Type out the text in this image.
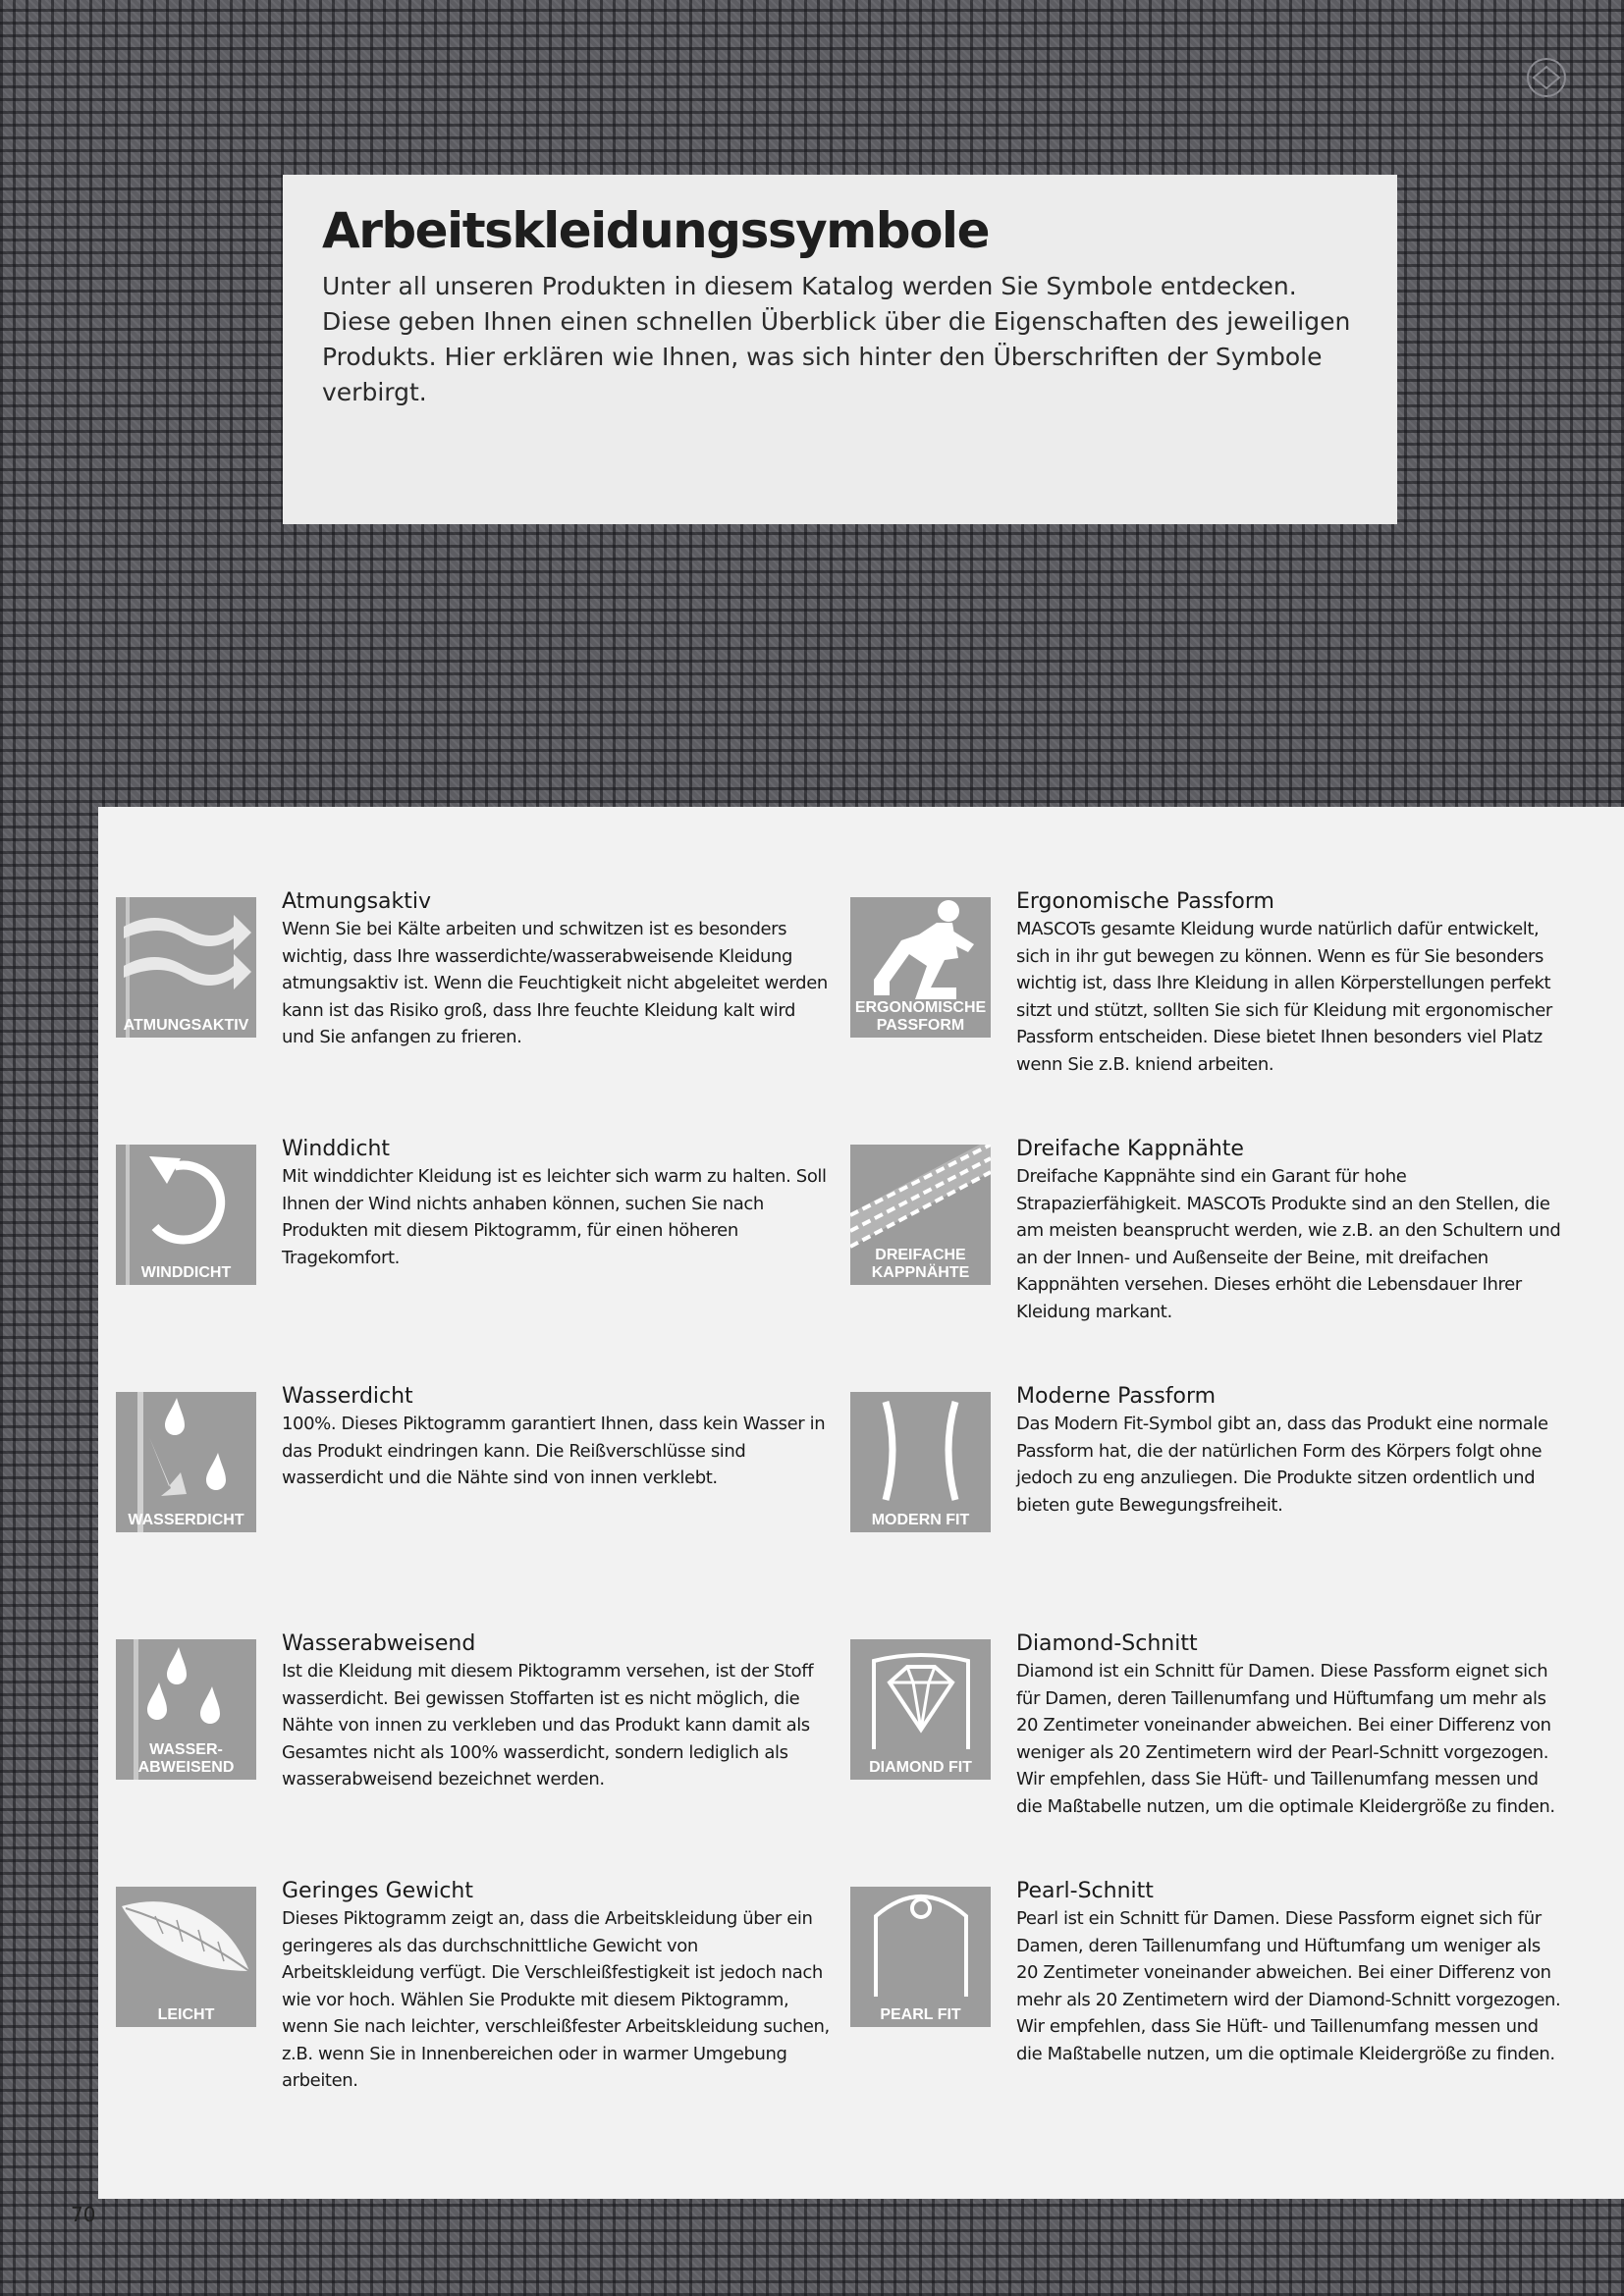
Arbeitskleidungssymbole

Unter all unseren Produkten in diesem Katalog werden Sie Symbole entdecken. Diese geben Ihnen einen schnellen Überblick über die Eigenschaften des jeweiligen Produkts. Hier erklären wie Ihnen, was sich hinter den Überschriften der Symbole verbirgt.

ATMUNGSAKTIV
Atmungsaktiv

Wenn Sie bei Kälte arbeiten und schwitzen ist es besonders wichtig, dass Ihre wasserdichte/wasserabweisende Kleidung atmungsaktiv ist. Wenn die Feuchtigkeit nicht abgeleitet werden kann ist das Risiko groß, dass Ihre feuchte Kleidung kalt wird und Sie anfangen zu frieren.

ERGONOMISCHE
PASSFORM
Ergonomische Passform

MASCOTs gesamte Kleidung wurde natürlich dafür entwickelt, sich in ihr gut bewegen zu können. Wenn es für Sie besonders wichtig ist, dass Ihre Kleidung in allen Körperstellungen perfekt sitzt und stützt, sollten Sie sich für Kleidung mit ergonomischer Passform entscheiden. Diese bietet Ihnen besonders viel Platz wenn Sie z.B. kniend arbeiten.

WINDDICHT
Winddicht

Mit winddichter Kleidung ist es leichter sich warm zu halten. Soll Ihnen der Wind nichts anhaben können, suchen Sie nach Produkten mit diesem Piktogramm, für einen höheren Tragekomfort.	DREIFACHE
KAPPNÄHTE
Dreifache Kappnähte

Dreifache Kappnähte sind ein Garant für hohe Strapazierfähigkeit. MASCOTs Produkte sind an den Stellen, die am meisten beansprucht werden, wie z.B. an den Schultern und an der Innen- und Außenseite der Beine, mit dreifachen Kappnähten versehen. Dieses erhöht die Lebensdauer Ihrer Kleidung markant.

WASSERDICHT
Wasserdicht

100%. Dieses Piktogramm garantiert Ihnen, dass kein Wasser in das Produkt eindringen kann. Die Reißverschlüsse sind wasserdicht und die Nähte sind von innen verklebt.

MODERN FIT
Moderne Passform

Das Modern Fit-Symbol gibt an, dass das Produkt eine normale Passform hat, die der natürlichen Form des Körpers folgt ohne jedoch zu eng anzuliegen. Die Produkte sitzen ordentlich und bieten gute Bewegungsfreiheit.

WASSER-
ABWEISEND
Wasserabweisend

Ist die Kleidung mit diesem Piktogramm versehen, ist der Stoff wasserdicht. Bei gewissen Stoffarten ist es nicht möglich, die Nähte von innen zu verkleben und das Produkt kann damit als Gesamtes nicht als 100% wasserdicht, sondern lediglich als wasserabweisend bezeichnet werden.

DIAMOND FIT
Diamond-Schnitt

Diamond ist ein Schnitt für Damen. Diese Passform eignet sich für Damen, deren Taillenumfang und Hüftumfang um mehr als 20 Zentimeter voneinander abweichen. Bei einer Differenz von weniger als 20 Zentimetern wird der Pearl-Schnitt vorgezogen. Wir empfehlen, dass Sie Hüft- und Taillenumfang messen und die Maßtabelle nutzen, um die optimale Kleidergröße zu finden.

LEICHT
Geringes Gewicht

Dieses Piktogramm zeigt an, dass die Arbeitskleidung über ein geringeres als das durchschnittliche Gewicht von Arbeitskleidung verfügt. Die Verschleißfestigkeit ist jedoch nach wie vor hoch. Wählen Sie Produkte mit diesem Piktogramm, wenn Sie nach leichter, verschleißfester Arbeitskleidung suchen, z.B. wenn Sie in Innenbereichen oder in warmer Umgebung arbeiten.

PEARL FIT
Pearl-Schnitt

Pearl ist ein Schnitt für Damen. Diese Passform eignet sich für Damen, deren Taillenumfang und Hüftumfang um weniger als 20 Zentimeter voneinander abweichen. Bei einer Differenz von mehr als 20 Zentimetern wird der Diamond-Schnitt vorgezogen. Wir empfehlen, dass Sie Hüft- und Taillenumfang messen und die Maßtabelle nutzen, um die optimale Kleidergröße zu finden.

70
